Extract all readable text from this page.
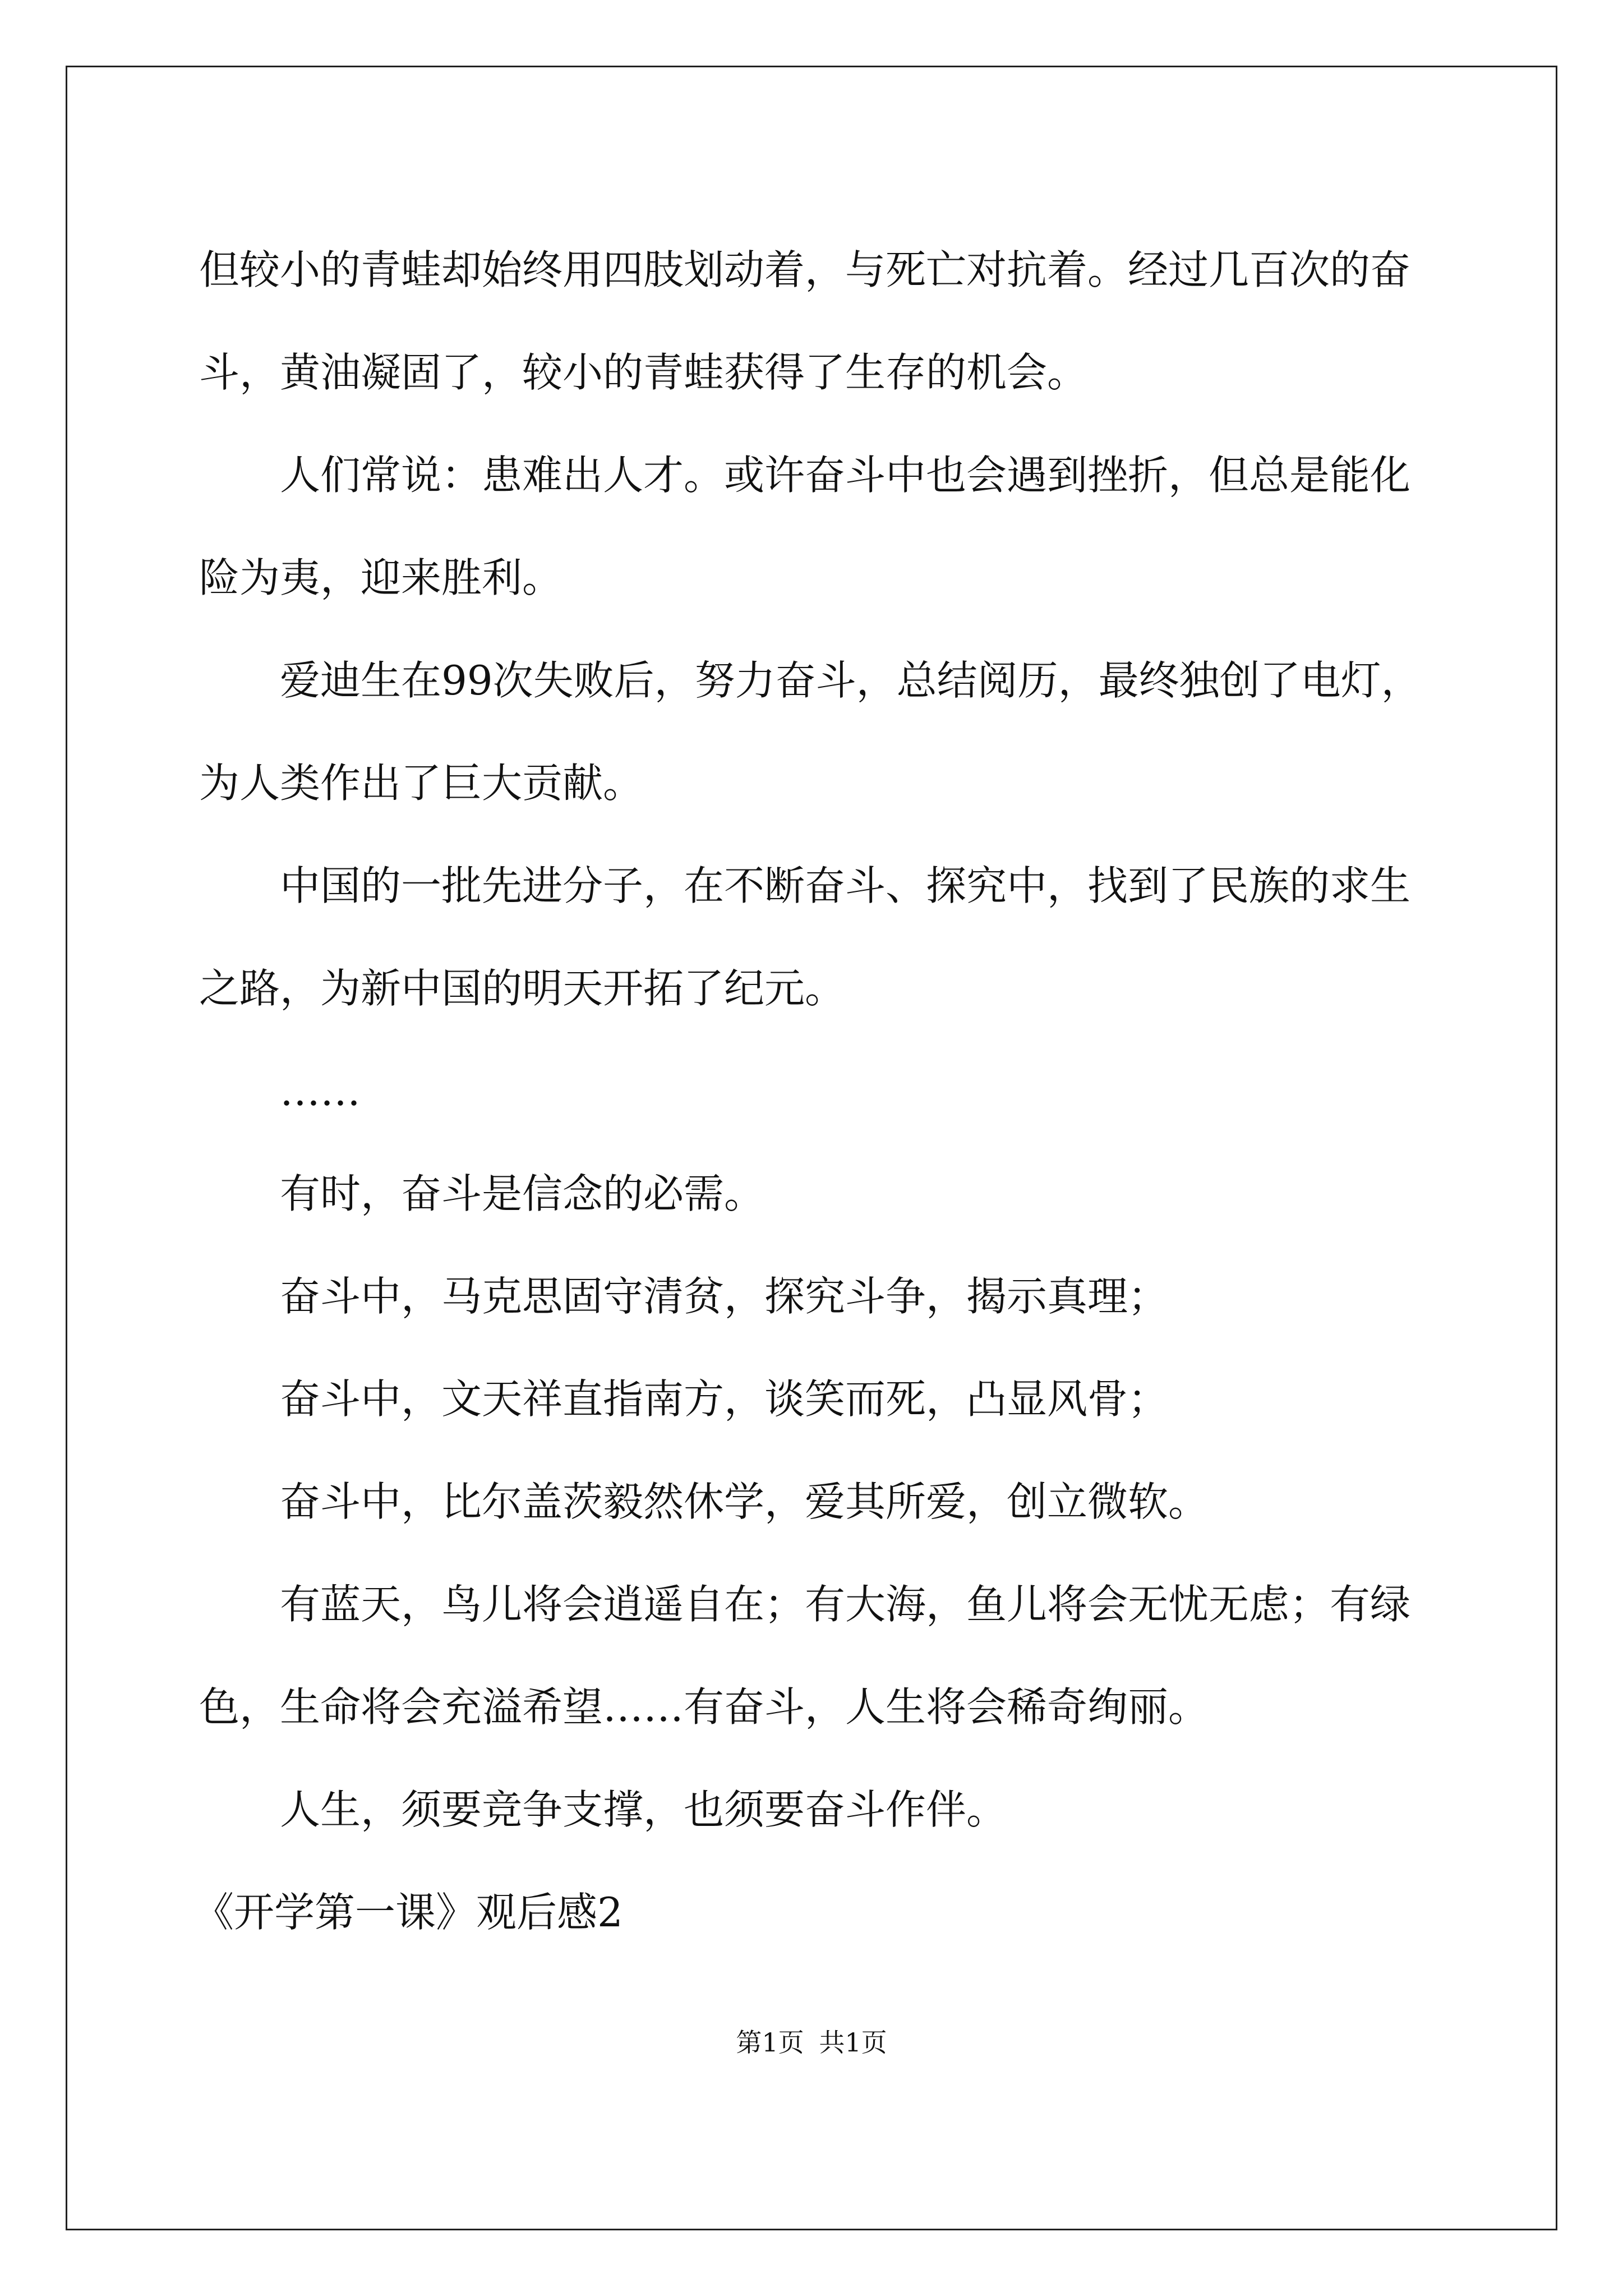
但较小的青蛙却始终用四肢划动着，与死亡对抗着。经过几百次的奋斗，黄油凝固了，较小的青蛙获得了生存的机会。

人们常说：患难出人才。或许奋斗中也会遇到挫折，但总是能化险为夷，迎来胜利。

爱迪生在99次失败后，努力奋斗，总结阅历，最终独创了电灯，为人类作出了巨大贡献。

中国的一批先进分子，在不断奋斗、探究中，找到了民族的求生之路，为新中国的明天开拓了纪元。

……

有时，奋斗是信念的必需。

奋斗中，马克思固守清贫，探究斗争，揭示真理；

奋斗中，文天祥直指南方，谈笑而死，凸显风骨；

奋斗中，比尔盖茨毅然休学，爱其所爱，创立微软。

有蓝天，鸟儿将会逍遥自在；有大海，鱼儿将会无忧无虑；有绿色，生命将会充溢希望……有奋斗，人生将会稀奇绚丽。

人生，须要竞争支撑，也须要奋斗作伴。

《开学第一课》观后感2

第1页 共1页
